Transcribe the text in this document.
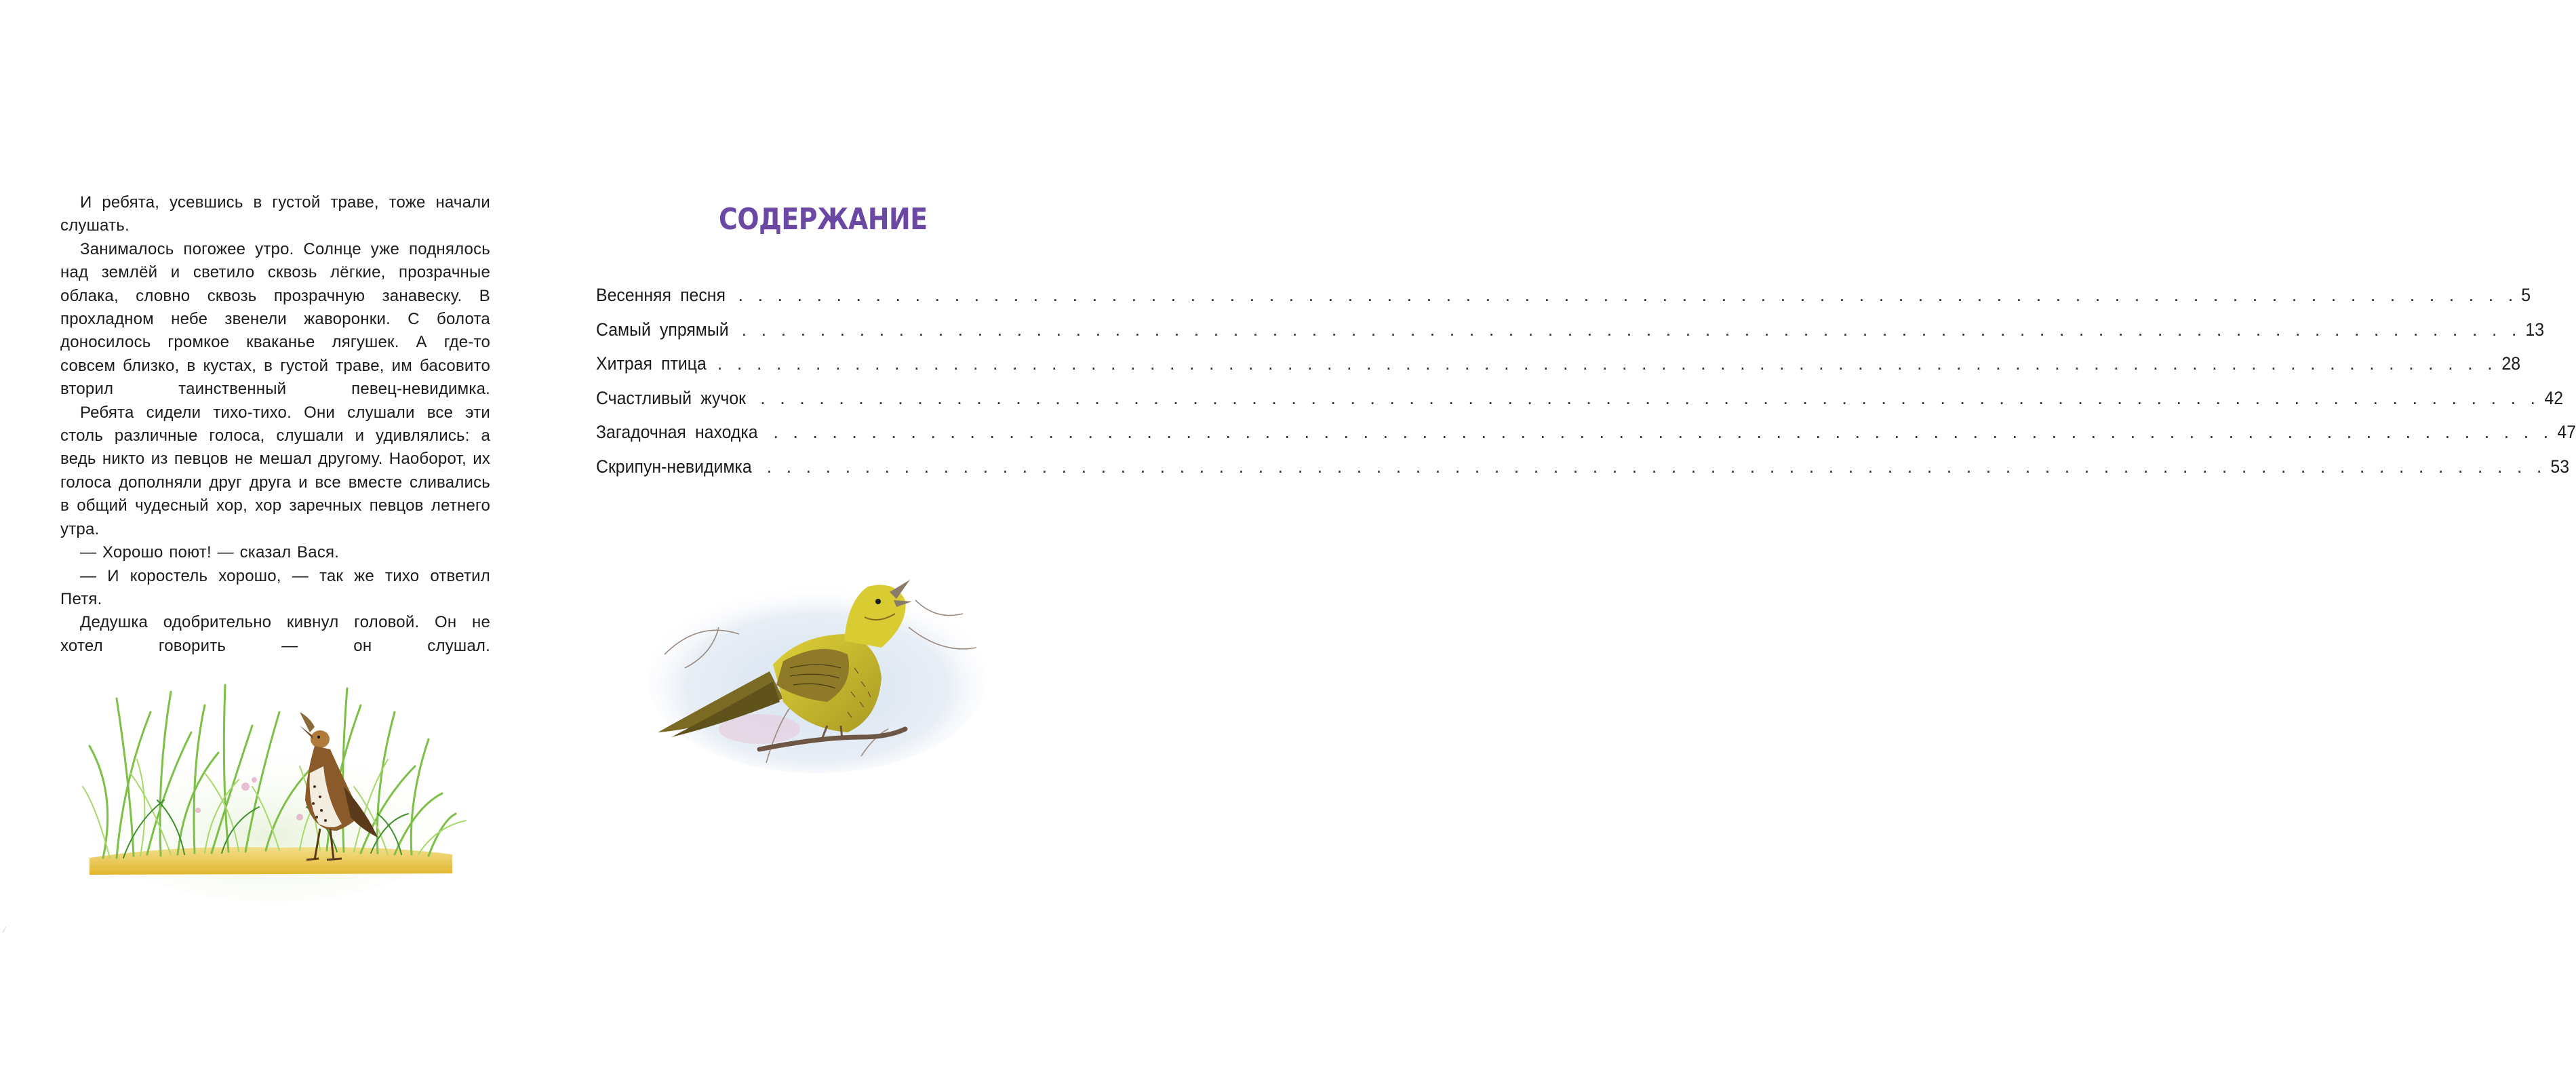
И ребята, усевшись в густой траве, тоже начали слушать.

Занималось погожее утро. Солнце уже поднялось над землёй и светило сквозь лёгкие, прозрачные облака, словно сквозь прозрачную занавеску. В прохладном небе звенели жаворонки. С болота доносилось громкое кваканье лягушек. А где-то совсем близко, в кустах, в густой траве, им басовито вторил таинственный певец-невидимка.

Ребята сидели тихо-тихо. Они слушали все эти столь различные голоса, слушали и удивлялись: а ведь никто из певцов не мешал другому. Наоборот, их голоса дополняли друг друга и все вместе сливались в общий чудесный хор, хор заречных певцов летнего утра.

— Хорошо поют! — сказал Вася.

— И коростель хорошо, — так же тихо ответил Петя.

Дедушка одобрительно кивнул головой. Он не хотел говорить — он слушал.

СОДЕРЖАНИЕ
Весенняя песня . . . . . . . . . . . . . . . . . . . . . . . . . . . . . . . . . . . . . . . . . . . . . . . . . . . . . . . . . . . . . . . . . . . . . . . . . . . . . . . . . . . . . . . . . . . 5
Самый упрямый . . . . . . . . . . . . . . . . . . . . . . . . . . . . . . . . . . . . . . . . . . . . . . . . . . . . . . . . . . . . . . . . . . . . . . . . . . . . . . . . . . . . . . . . . . . 13
Хитрая птица . . . . . . . . . . . . . . . . . . . . . . . . . . . . . . . . . . . . . . . . . . . . . . . . . . . . . . . . . . . . . . . . . . . . . . . . . . . . . . . . . . . . . . . . . . . 28
Счастливый жучок . . . . . . . . . . . . . . . . . . . . . . . . . . . . . . . . . . . . . . . . . . . . . . . . . . . . . . . . . . . . . . . . . . . . . . . . . . . . . . . . . . . . . . . . . . . 42
Загадочная находка . . . . . . . . . . . . . . . . . . . . . . . . . . . . . . . . . . . . . . . . . . . . . . . . . . . . . . . . . . . . . . . . . . . . . . . . . . . . . . . . . . . . . . . . . . . 47
Скрипун-невидимка . . . . . . . . . . . . . . . . . . . . . . . . . . . . . . . . . . . . . . . . . . . . . . . . . . . . . . . . . . . . . . . . . . . . . . . . . . . . . . . . . . . . . . . . . . . 53
⁄
